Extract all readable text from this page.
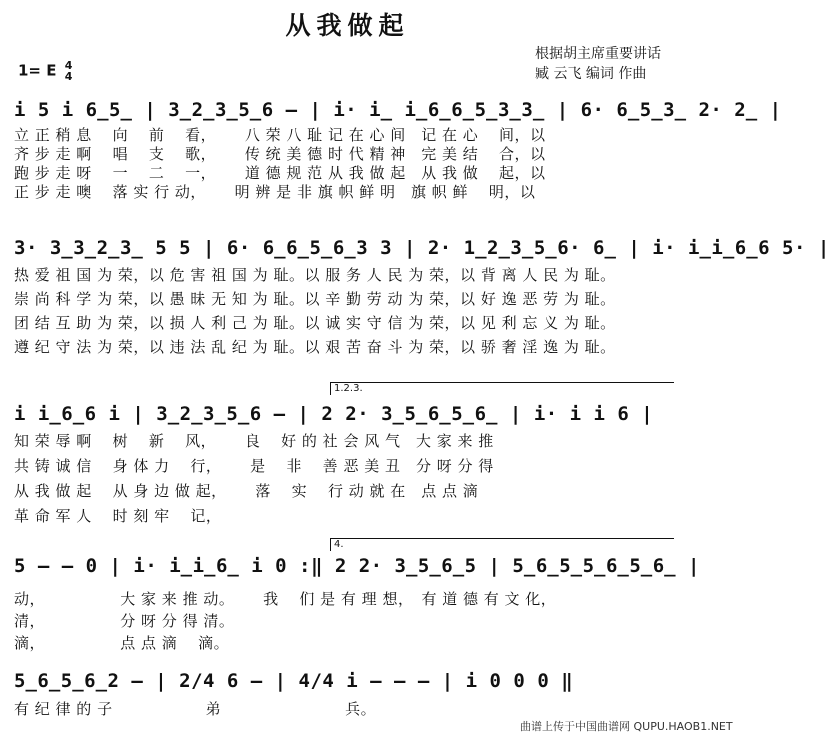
从我做起
根据胡主席重要讲话
臧 云飞 编词 作曲
1= E 4
4
i 5 i 6̲5̲ | 3̲2̲3̲5̲6 – | i· i̲ i̲6̲6̲5̲3̲3̲ | 6· 6̲5̲3̲ 2· 2̲ |
立 正 稍 息　 向　 前　 看，　　 八 荣 八 耻 记 在 心 间　记 在 心　 间，以
齐 步 走 啊　 唱　 支　 歌，　　 传 统 美 德 时 代 精 神　完 美 结　 合，以
跑 步 走 呀　 一　 二　 一，　　 道 德 规 范 从 我 做 起　从 我 做　 起，以
正 步 走 噢　 落 实 行 动，　　 明 辨 是 非 旗 帜 鲜 明　旗 帜 鲜　 明，以
3· 3̲3̲2̲3̲ 5 5 | 6· 6̲6̲5̲6̲3 3 | 2· 1̲2̲3̲5̲6· 6̲ | i· i̲i̲6̲6 5· |
热 爱 祖 国 为 荣，以 危 害 祖 国 为 耻。以 服 务 人 民 为 荣，以 背 离 人 民 为 耻。
崇 尚 科 学 为 荣，以 愚 昧 无 知 为 耻。以 辛 勤 劳 动 为 荣，以 好 逸 恶 劳 为 耻。
团 结 互 助 为 荣，以 损 人 利 己 为 耻。以 诚 实 守 信 为 荣，以 见 利 忘 义 为 耻。
遵 纪 守 法 为 荣，以 违 法 乱 纪 为 耻。以 艰 苦 奋 斗 为 荣，以 骄 奢 淫 逸 为 耻。
1.2.3.
i i̲6̲6 i | 3̲2̲3̲5̲6 – | 2 2· 3̲5̲6̲5̲6̲ | i· i i 6 |
知 荣 辱 啊　 树　 新　 风，　　 良　 好 的 社 会 风 气　大 家 来 推
共 铸 诚 信　 身 体 力　 行，　　 是　 非　 善 恶 美 丑　分 呀 分 得
从 我 做 起　 从 身 边 做 起，　　 落　 实　 行 动 就 在　点 点 滴
革 命 军 人　 时 刻 牢　 记，
4.
5 – – 0 | i· i̲i̲6̲ i 0 :‖ 2 2· 3̲5̲6̲5 | 5̲6̲5̲5̲6̲5̲6̲ |
动，　　　　　 大 家 来 推 动。　　 我　 们 是 有 理 想，　有 道 德 有 文 化，
清，　　　　　 分 呀 分 得 清。
滴，　　　　　 点 点 滴　 滴。
5̲6̲5̲6̲2 – | 2/4 6 – | 4/4 i – – – | i 0 0 0 ‖
有 纪 律 的 子　　　　　　弟　　　　　　　　兵。
曲谱上传于中国曲谱网 QUPU.HAOB1.NET
